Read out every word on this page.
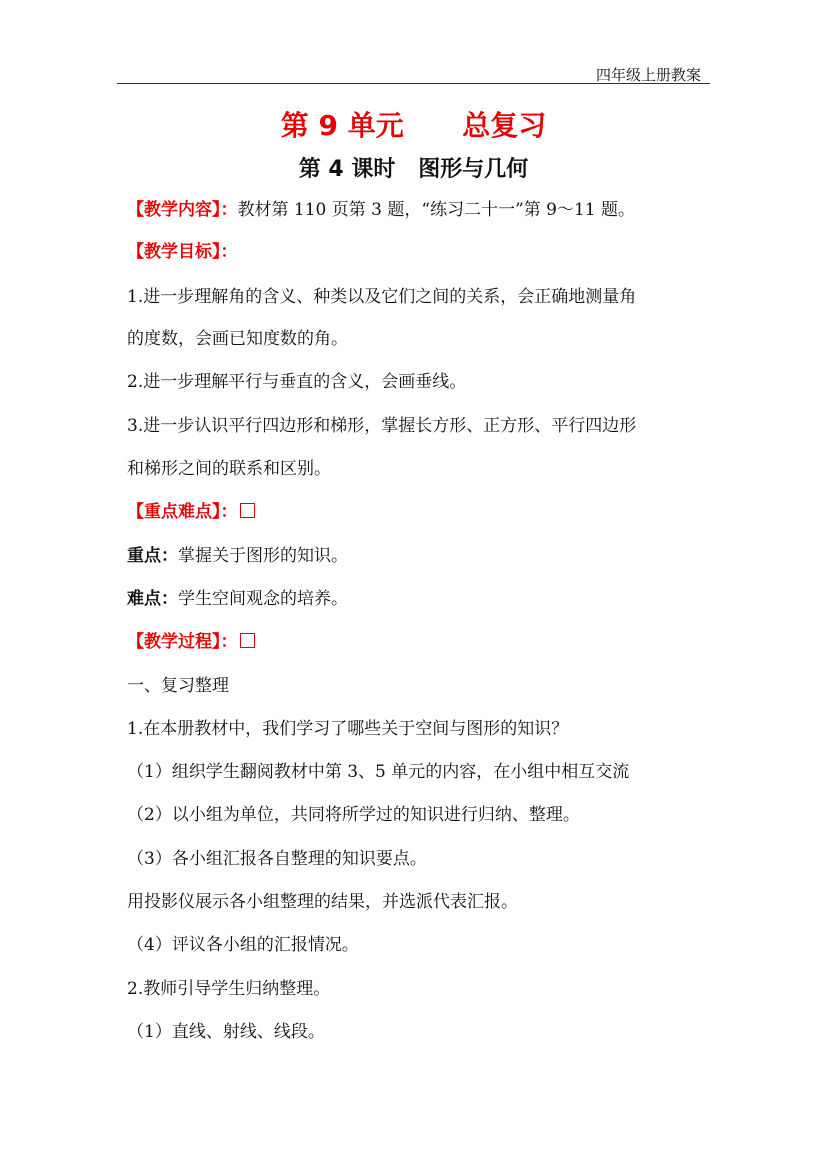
四年级上册教案
第 9 单元      总复习
第 4 课时   图形与几何
【教学内容】：教材第 110 页第 3 题，“练习二十一”第 9～11 题。
【教学目标】：
1.进一步理解角的含义、种类以及它们之间的关系，会正确地测量角
的度数，会画已知度数的角。
2.进一步理解平行与垂直的含义，会画垂线。
3.进一步认识平行四边形和梯形，掌握长方形、正方形、平行四边形
和梯形之间的联系和区别。
【重点难点】：
重点：掌握关于图形的知识。
难点：学生空间观念的培养。
【教学过程】：
一、复习整理
1.在本册教材中，我们学习了哪些关于空间与图形的知识？
（1）组织学生翻阅教材中第 3、5 单元的内容，在小组中相互交流
（2）以小组为单位，共同将所学过的知识进行归纳、整理。
（3）各小组汇报各自整理的知识要点。
用投影仪展示各小组整理的结果，并选派代表汇报。
（4）评议各小组的汇报情况。
2.教师引导学生归纳整理。
（1）直线、射线、线段。
